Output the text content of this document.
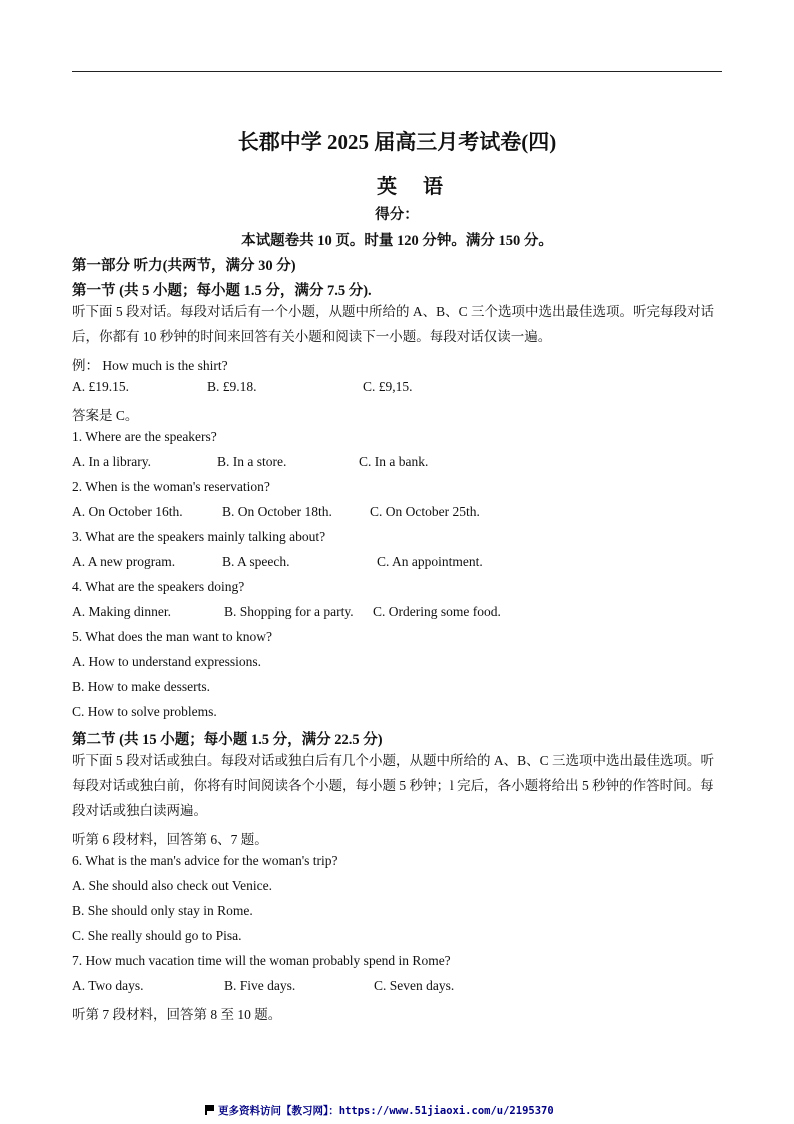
长郡中学 2025 届高三月考试卷(四)
英语
得分：
本试题卷共 10 页。时量 120 分钟。满分 150 分。
第一部分 听力(共两节，满分 30 分)
第一节 (共 5 小题；每小题 1.5 分，满分 7.5 分).
听下面 5 段对话。每段对话后有一个小题，从题中所给的 A、B、C 三个选项中选出最佳选项。听完每段对话后，你都有 10 秒钟的时间来回答有关小题和阅读下一小题。每段对话仅读一遍。
例： How much is the shirt?
A. £19.15.	B. £9.18.	C. £9,15.
答案是 C。
1. Where are the speakers?
A. In a library.	B. In a store.	C. In a bank.
2. When is the woman's reservation?
A. On October 16th.	B. On October 18th.	C. On October 25th.
3. What are the speakers mainly talking about?
A. A new program.	B. A speech.	C. An appointment.
4. What are the speakers doing?
A. Making dinner.	B. Shopping for a party. C. Ordering some food.
5. What does the man want to know?
A. How to understand expressions.
B. How to make desserts.
C. How to solve problems.
第二节 (共 15 小题；每小题 1.5 分，满分 22.5 分)
听下面 5 段对话或独白。每段对话或独白后有几个小题，从题中所给的 A、B、C 三选项中选出最佳选项。听每段对话或独白前，你将有时间阅读各个小题，每小题 5 秒钟；l 完后，各小题将给出 5 秒钟的作答时间。每段对话或独白读两遍。
听第 6 段材料，回答第 6、7 题。
6. What is the man's advice for the woman's trip?
A. She should also check out Venice.
B. She should only stay in Rome.
C. She really should go to Pisa.
7. How much vacation time will the woman probably spend in Rome?
A. Two days.	B. Five days.	C. Seven days.
听第 7 段材料，回答第 8 至 10 题。
更多资料访问【教习网】：https://www.51jiaoxi.com/u/2195370
